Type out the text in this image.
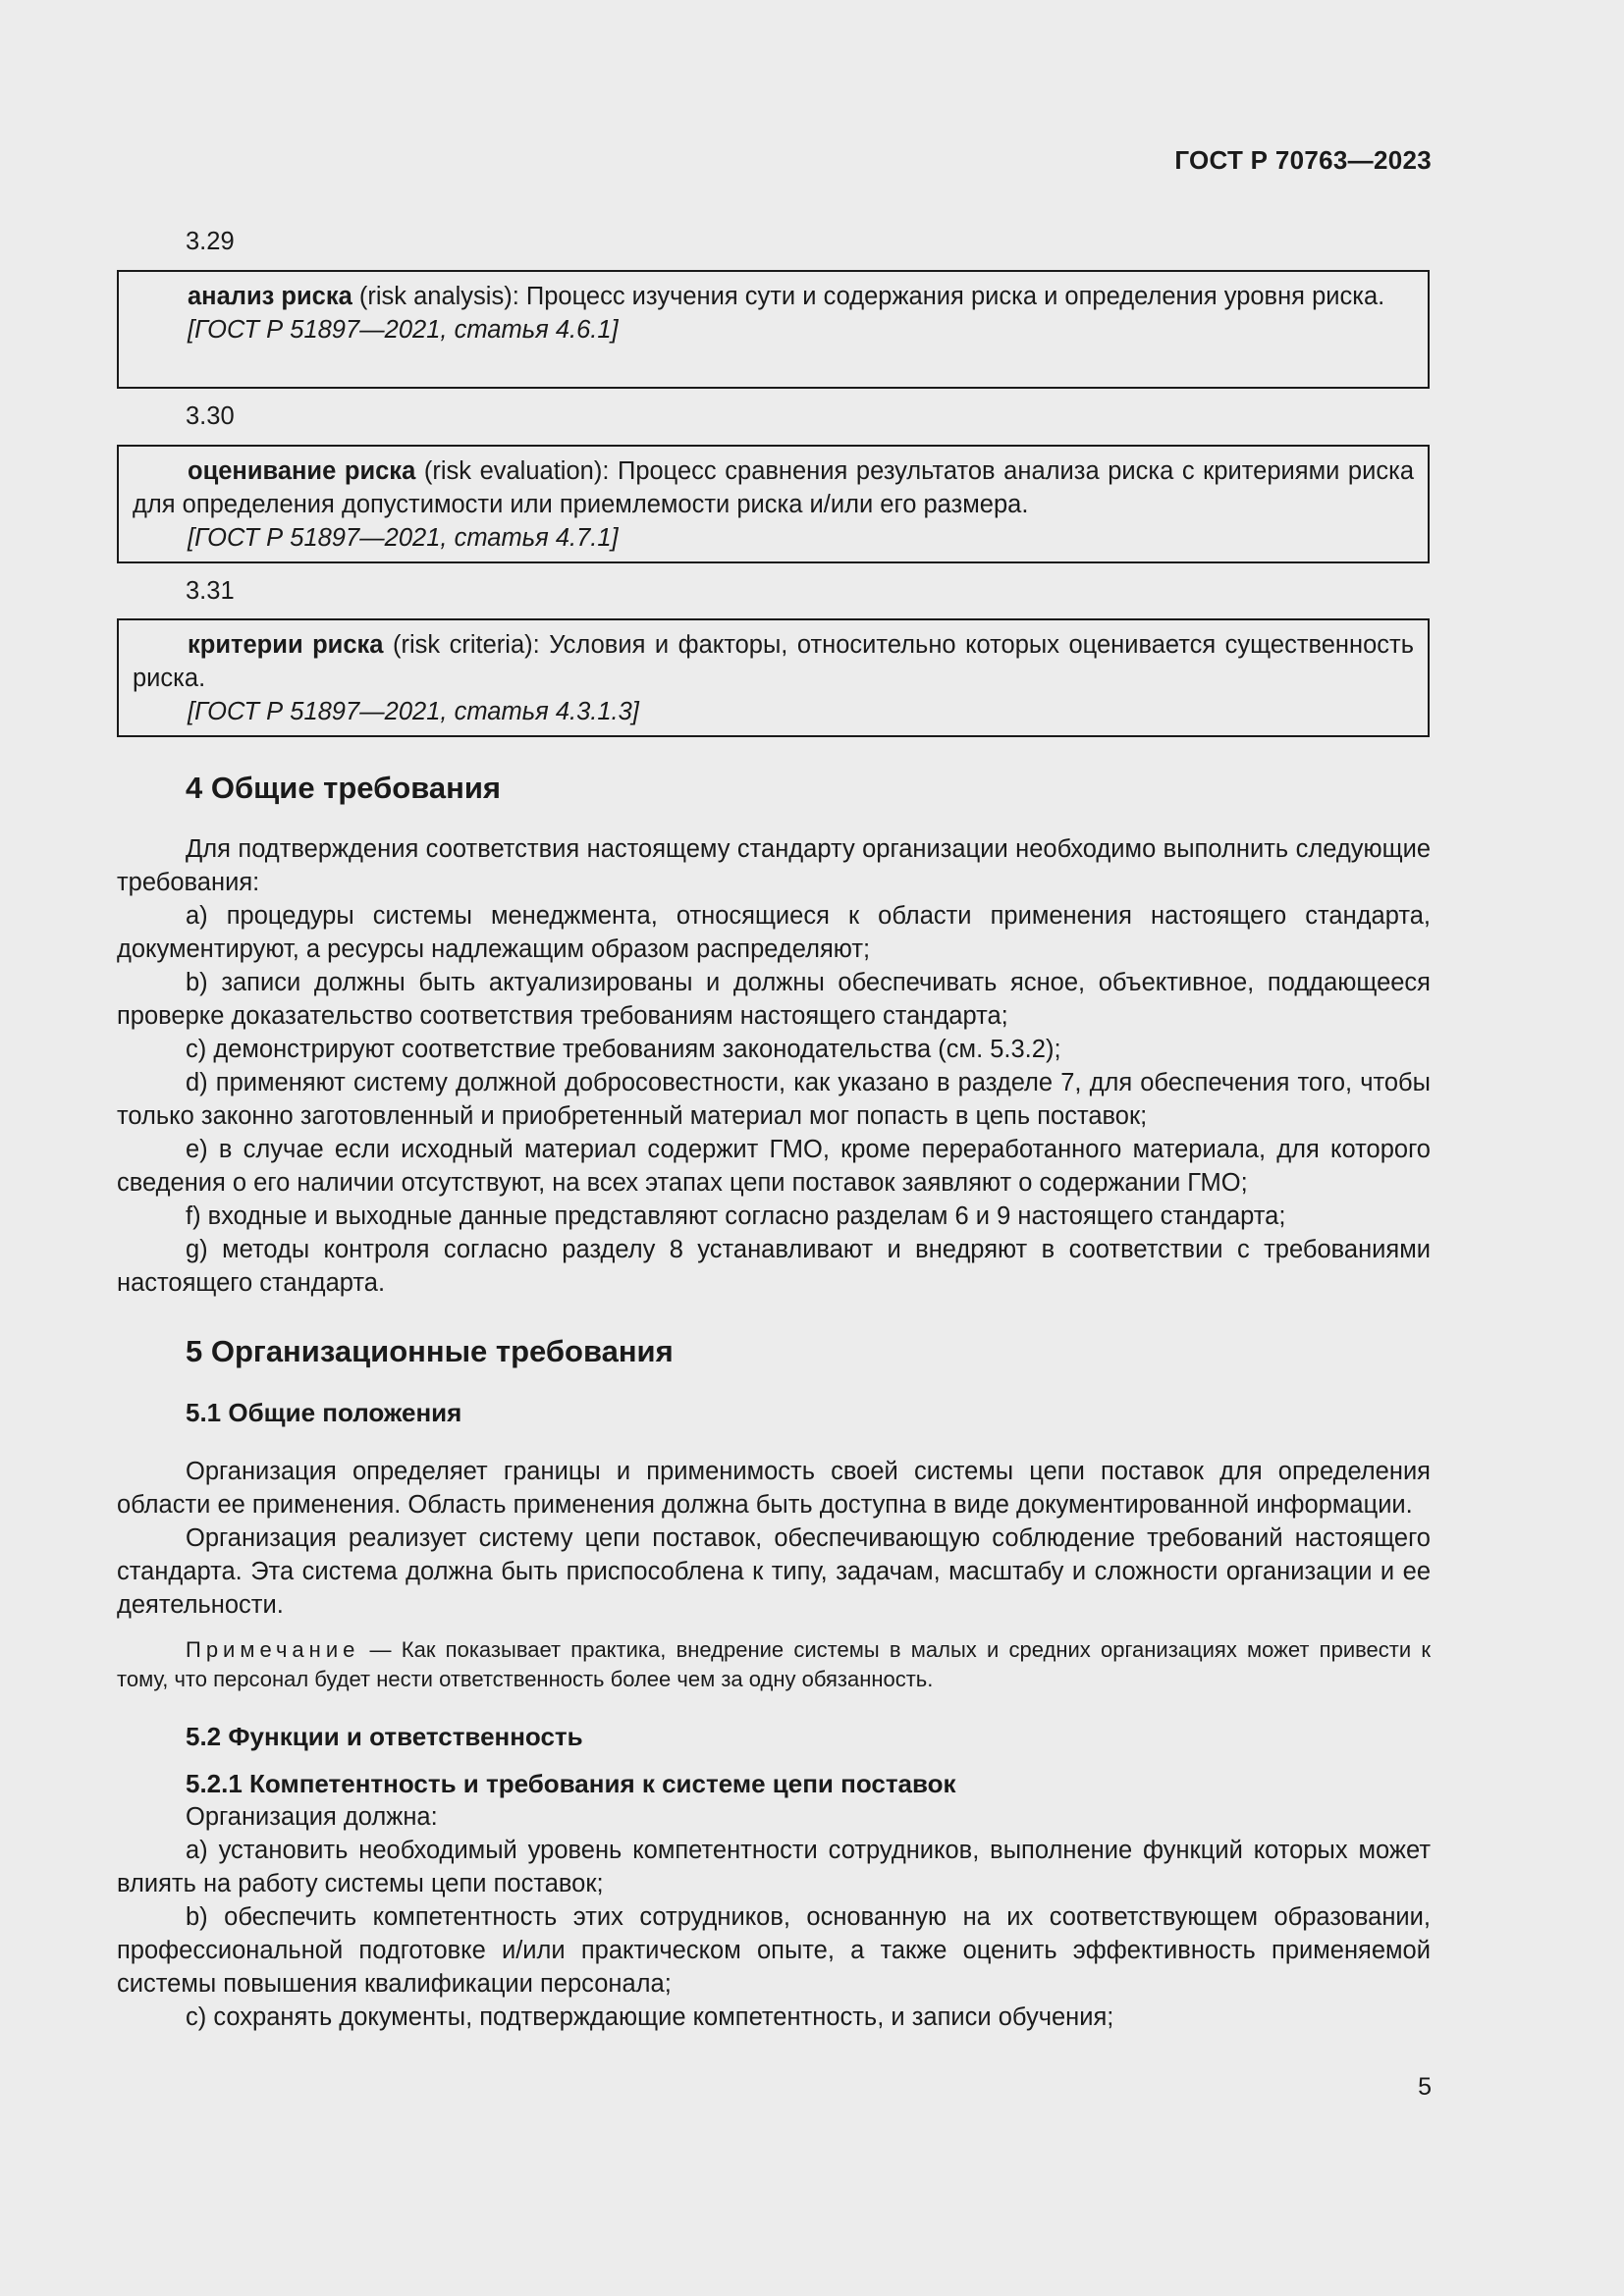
ГОСТ Р 70763—2023
3.29

анализ риска (risk analysis): Процесс изучения сути и содержания риска и определения уровня риска.

[ГОСТ Р 51897—2021, статья 4.6.1]

3.30

оценивание риска (risk evaluation): Процесс сравнения результатов анализа риска с критериями риска для определения допустимости или приемлемости риска и/или его размера.

[ГОСТ Р 51897—2021, статья 4.7.1]

3.31

критерии риска (risk criteria): Условия и факторы, относительно которых оценивается существенность риска.

[ГОСТ Р 51897—2021, статья 4.3.1.3]

4 Общие требования

Для подтверждения соответствия настоящему стандарту организации необходимо выполнить следующие требования:

a) процедуры системы менеджмента, относящиеся к области применения настоящего стандарта, документируют, а ресурсы надлежащим образом распределяют;

b) записи должны быть актуализированы и должны обеспечивать ясное, объективное, поддающееся проверке доказательство соответствия требованиям настоящего стандарта;

c) демонстрируют соответствие требованиям законодательства (см. 5.3.2);

d) применяют систему должной добросовестности, как указано в разделе 7, для обеспечения того, чтобы только законно заготовленный и приобретенный материал мог попасть в цепь поставок;

e) в случае если исходный материал содержит ГМО, кроме переработанного материала, для которого сведения о его наличии отсутствуют, на всех этапах цепи поставок заявляют о содержании ГМО;

f) входные и выходные данные представляют согласно разделам 6 и 9 настоящего стандарта;

g) методы контроля согласно разделу 8 устанавливают и внедряют в соответствии с требованиями настоящего стандарта.

5 Организационные требования
5.1 Общие положения

Организация определяет границы и применимость своей системы цепи поставок для определения области ее применения. Область применения должна быть доступна в виде документированной информации.

Организация реализует систему цепи поставок, обеспечивающую соблюдение требований настоящего стандарта. Эта система должна быть приспособлена к типу, задачам, масштабу и сложности организации и ее деятельности.

Примечание — Как показывает практика, внедрение системы в малых и средних организациях может привести к тому, что персонал будет нести ответственность более чем за одну обязанность.

5.2 Функции и ответственность
5.2.1 Компетентность и требования к системе цепи поставок

Организация должна:

a) установить необходимый уровень компетентности сотрудников, выполнение функций которых может влиять на работу системы цепи поставок;

b) обеспечить компетентность этих сотрудников, основанную на их соответствующем образовании, профессиональной подготовке и/или практическом опыте, а также оценить эффективность применяемой системы повышения квалификации персонала;

c) сохранять документы, подтверждающие компетентность, и записи обучения;

5
